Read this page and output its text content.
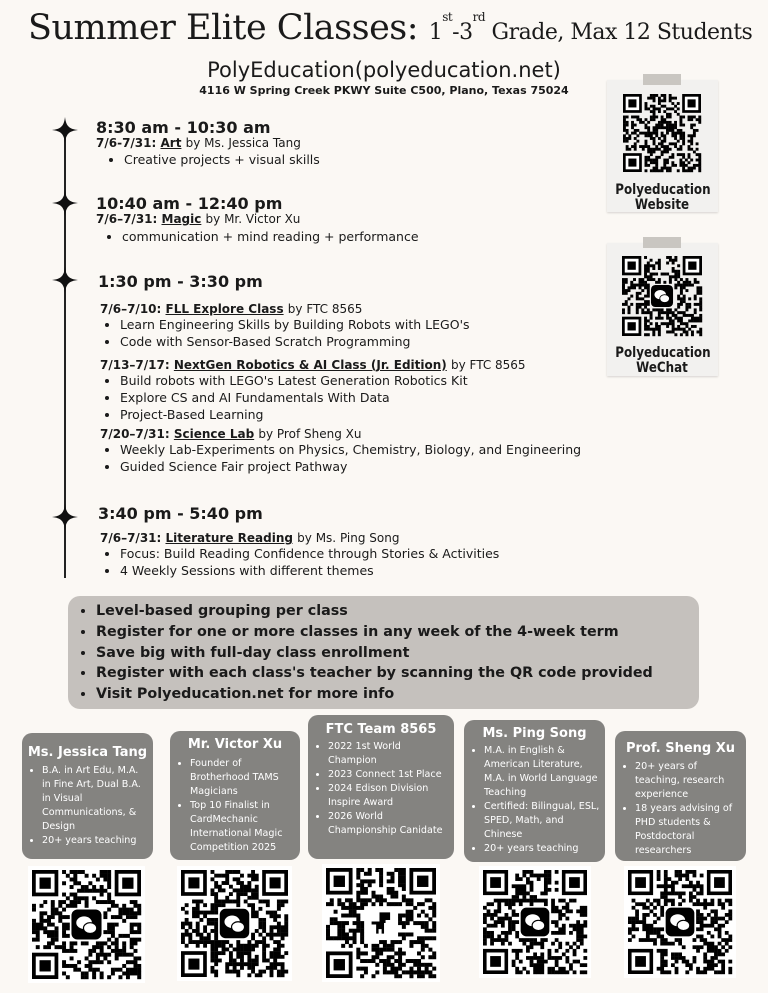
Summer Elite Classes: 1st-3rd Grade, Max 12 Students
PolyEducation(polyeducation.net)
4116 W Spring Creek PKWY Suite C500, Plano, Texas 75024
8:30 am - 10:30 am
7/6-7/31: Art by Ms. Jessica Tang
• Creative projects + visual skills
10:40 am - 12:40 pm
7/6–7/31: Magic by Mr. Victor Xu
• communication + mind reading + performance
1:30 pm - 3:30 pm
7/6–7/10: FLL Explore Class by FTC 8565
• Learn Engineering Skills by Building Robots with LEGO's
• Code with Sensor-Based Scratch Programming
7/13–7/17: NextGen Robotics & AI Class (Jr. Edition) by FTC 8565
• Build robots with LEGO's Latest Generation Robotics Kit
• Explore CS and AI Fundamentals With Data
• Project-Based Learning
7/20–7/31: Science Lab by Prof Sheng Xu
• Weekly Lab-Experiments on Physics, Chemistry, Biology, and Engineering
• Guided Science Fair project Pathway
3:40 pm - 5:40 pm
7/6–7/31: Literature Reading by Ms. Ping Song
• Focus: Build Reading Confidence through Stories & Activities
• 4 Weekly Sessions with different themes
Polyeducation
Website
Polyeducation
WeChat
• Level-based grouping per class
• Register for one or more classes in any week of the 4-week term
• Save big with full-day class enrollment
• Register with each class's teacher by scanning the QR code provided
• Visit Polyeducation.net for more info
Ms. Jessica Tang
• B.A. in Art Edu, M.A. in Fine Art, Dual B.A. in Visual Communications, & Design
• 20+ years teaching
Mr. Victor Xu
• Founder of Brotherhood TAMS Magicians
• Top 10 Finalist in CardMechanic International Magic Competition 2025
FTC Team 8565
• 2022 1st World Champion
• 2023 Connect 1st Place
• 2024 Edison Division Inspire Award
• 2026 World Championship Canidate
Ms. Ping Song
• M.A. in English & American Literature, M.A. in World Language Teaching
• Certified: Bilingual, ESL, SPED, Math, and Chinese
• 20+ years teaching
Prof. Sheng Xu
• 20+ years of teaching, research experience
• 18 years advising of PHD students & Postdoctoral researchers
